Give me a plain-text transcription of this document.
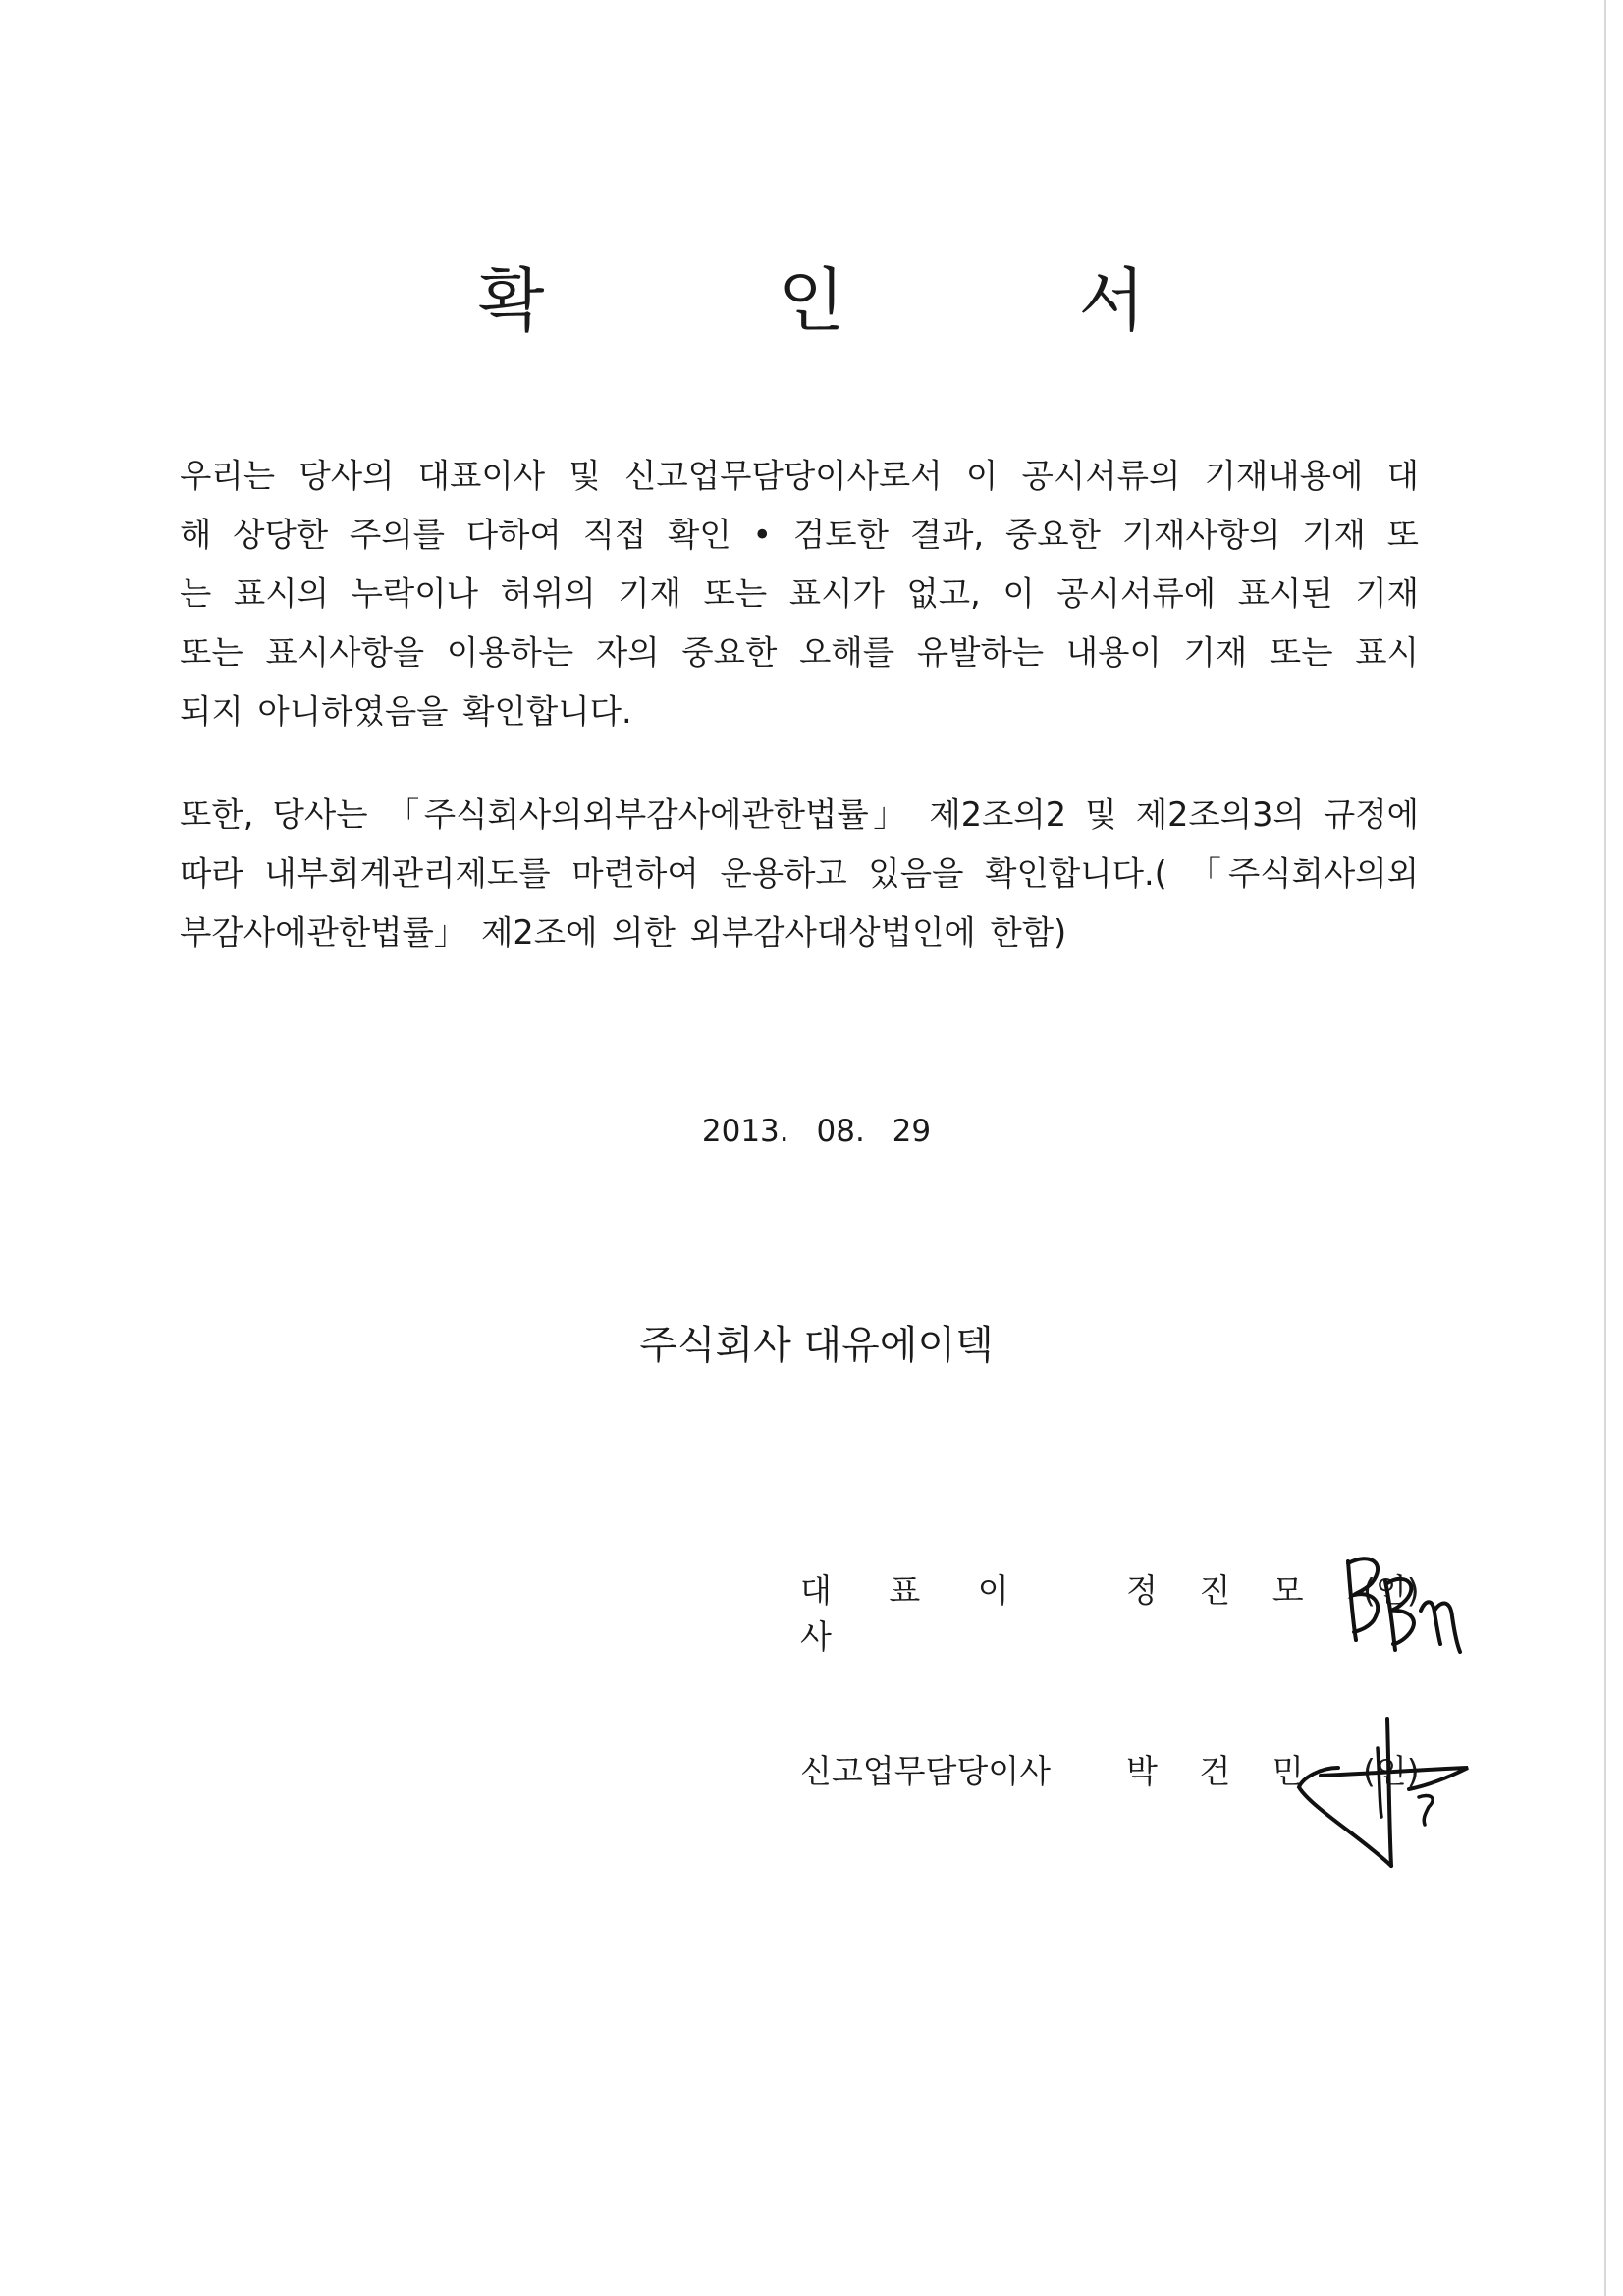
확 인 서
우리는 당사의 대표이사 및 신고업무담당이사로서 이 공시서류의 기재내용에 대
해 상당한 주의를 다하여 직접 확인 • 검토한 결과, 중요한 기재사항의 기재 또
는 표시의 누락이나 허위의 기재 또는 표시가 없고, 이 공시서류에 표시된 기재
또는 표시사항을 이용하는 자의 중요한 오해를 유발하는 내용이 기재 또는 표시
되지 아니하였음을 확인합니다.
또한, 당사는 「주식회사의외부감사에관한법률」 제2조의2 및 제2조의3의 규정에
따라 내부회계관리제도를 마련하여 운용하고 있음을 확인합니다.( 「주식회사의외
부감사에관한법률」 제2조에 의한 외부감사대상법인에 한함)
2013. 08. 29
주식회사 대유에이텍
대 표 이 사
정 진 모 (인)
신고업무담당이사	박 건 민 (인)
